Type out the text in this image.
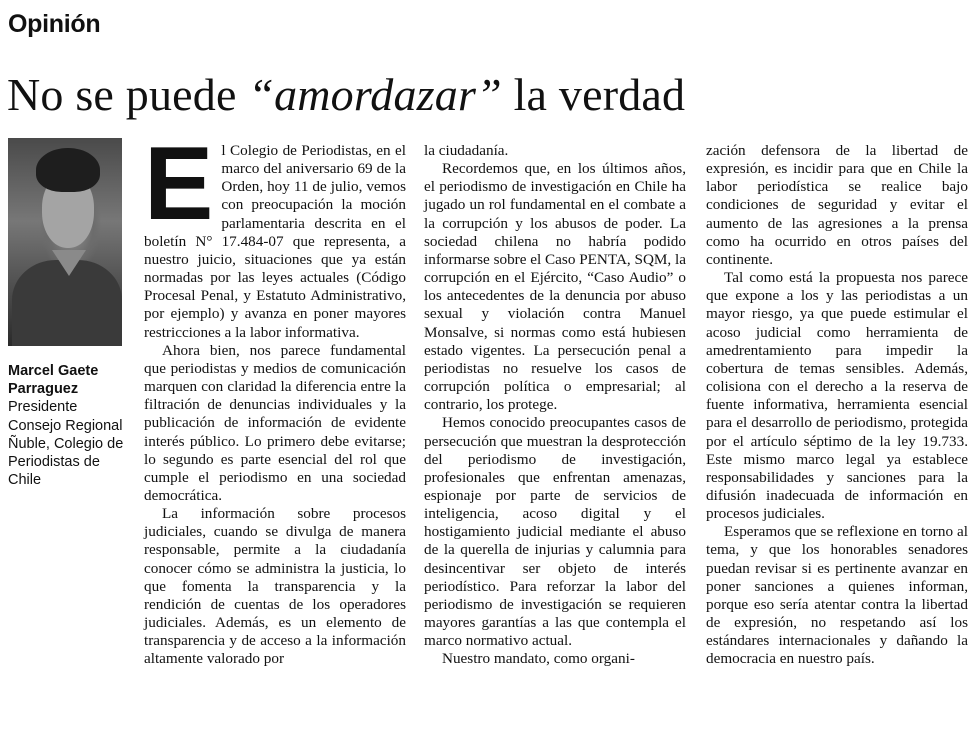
Opinión
No se puede “amordazar” la verdad
Marcel Gaete Parraguez
Presidente Consejo Regional Ñuble, Colegio de Periodistas de Chile

El Colegio de Periodistas, en el marco del aniversario 69 de la Orden, hoy 11 de julio, vemos con preocupación la moción parlamentaria descrita en el boletín N° 17.484-07 que representa, a nuestro juicio, situaciones que ya están normadas por las leyes actuales (Código Procesal Penal, y Estatuto Administrativo, por ejemplo) y avanza en poner mayores restricciones a la labor informativa.

Ahora bien, nos parece fundamental que periodistas y medios de comunicación marquen con claridad la diferencia entre la filtración de denuncias individuales y la publicación de información de evidente interés público. Lo primero debe evitarse; lo segundo es parte esencial del rol que cumple el periodismo en una sociedad democrática.

La información sobre procesos judiciales, cuando se divulga de manera responsable, permite a la ciudadanía conocer cómo se administra la justicia, lo que fomenta la transparencia y la rendición de cuentas de los operadores judiciales. Además, es un elemento de transparencia y de acceso a la información altamente valorado por

la ciudadanía.

Recordemos que, en los últimos años, el periodismo de investigación en Chile ha jugado un rol fundamental en el combate a la corrupción y los abusos de poder. La sociedad chilena no habría podido informarse sobre el Caso PENTA, SQM, la corrupción en el Ejército, “Caso Audio” o los antecedentes de la denuncia por abuso sexual y violación contra Manuel Monsalve, si normas como está hubiesen estado vigentes. La persecución penal a periodistas no resuelve los casos de corrupción política o empresarial; al contrario, los protege.

Hemos conocido preocupantes casos de persecución que muestran la desprotección del periodismo de investigación, profesionales que enfrentan amenazas, espionaje por parte de servicios de inteligencia, acoso digital y el hostigamiento judicial mediante el abuso de la querella de injurias y calumnia para desincentivar ser objeto de interés periodístico. Para reforzar la labor del periodismo de investigación se requieren mayores garantías a las que contempla el marco normativo actual.

Nuestro mandato, como organi-

zación defensora de la libertad de expresión, es incidir para que en Chile la labor periodística se realice bajo condiciones de seguridad y evitar el aumento de las agresiones a la prensa como ha ocurrido en otros países del continente.

Tal como está la propuesta nos parece que expone a los y las periodistas a un mayor riesgo, ya que puede estimular el acoso judicial como herramienta de amedrentamiento para impedir la cobertura de temas sensibles. Además, colisiona con el derecho a la reserva de fuente informativa, herramienta esencial para el desarrollo de periodismo, protegida por el artículo séptimo de la ley 19.733. Este mismo marco legal ya establece responsabilidades y sanciones para la difusión inadecuada de información en procesos judiciales.

Esperamos que se reflexione en torno al tema, y que los honorables senadores puedan revisar si es pertinente avanzar en poner sanciones a quienes informan, porque eso sería atentar contra la libertad de expresión, no respetando así los estándares internacionales y dañando la democracia en nuestro país.
